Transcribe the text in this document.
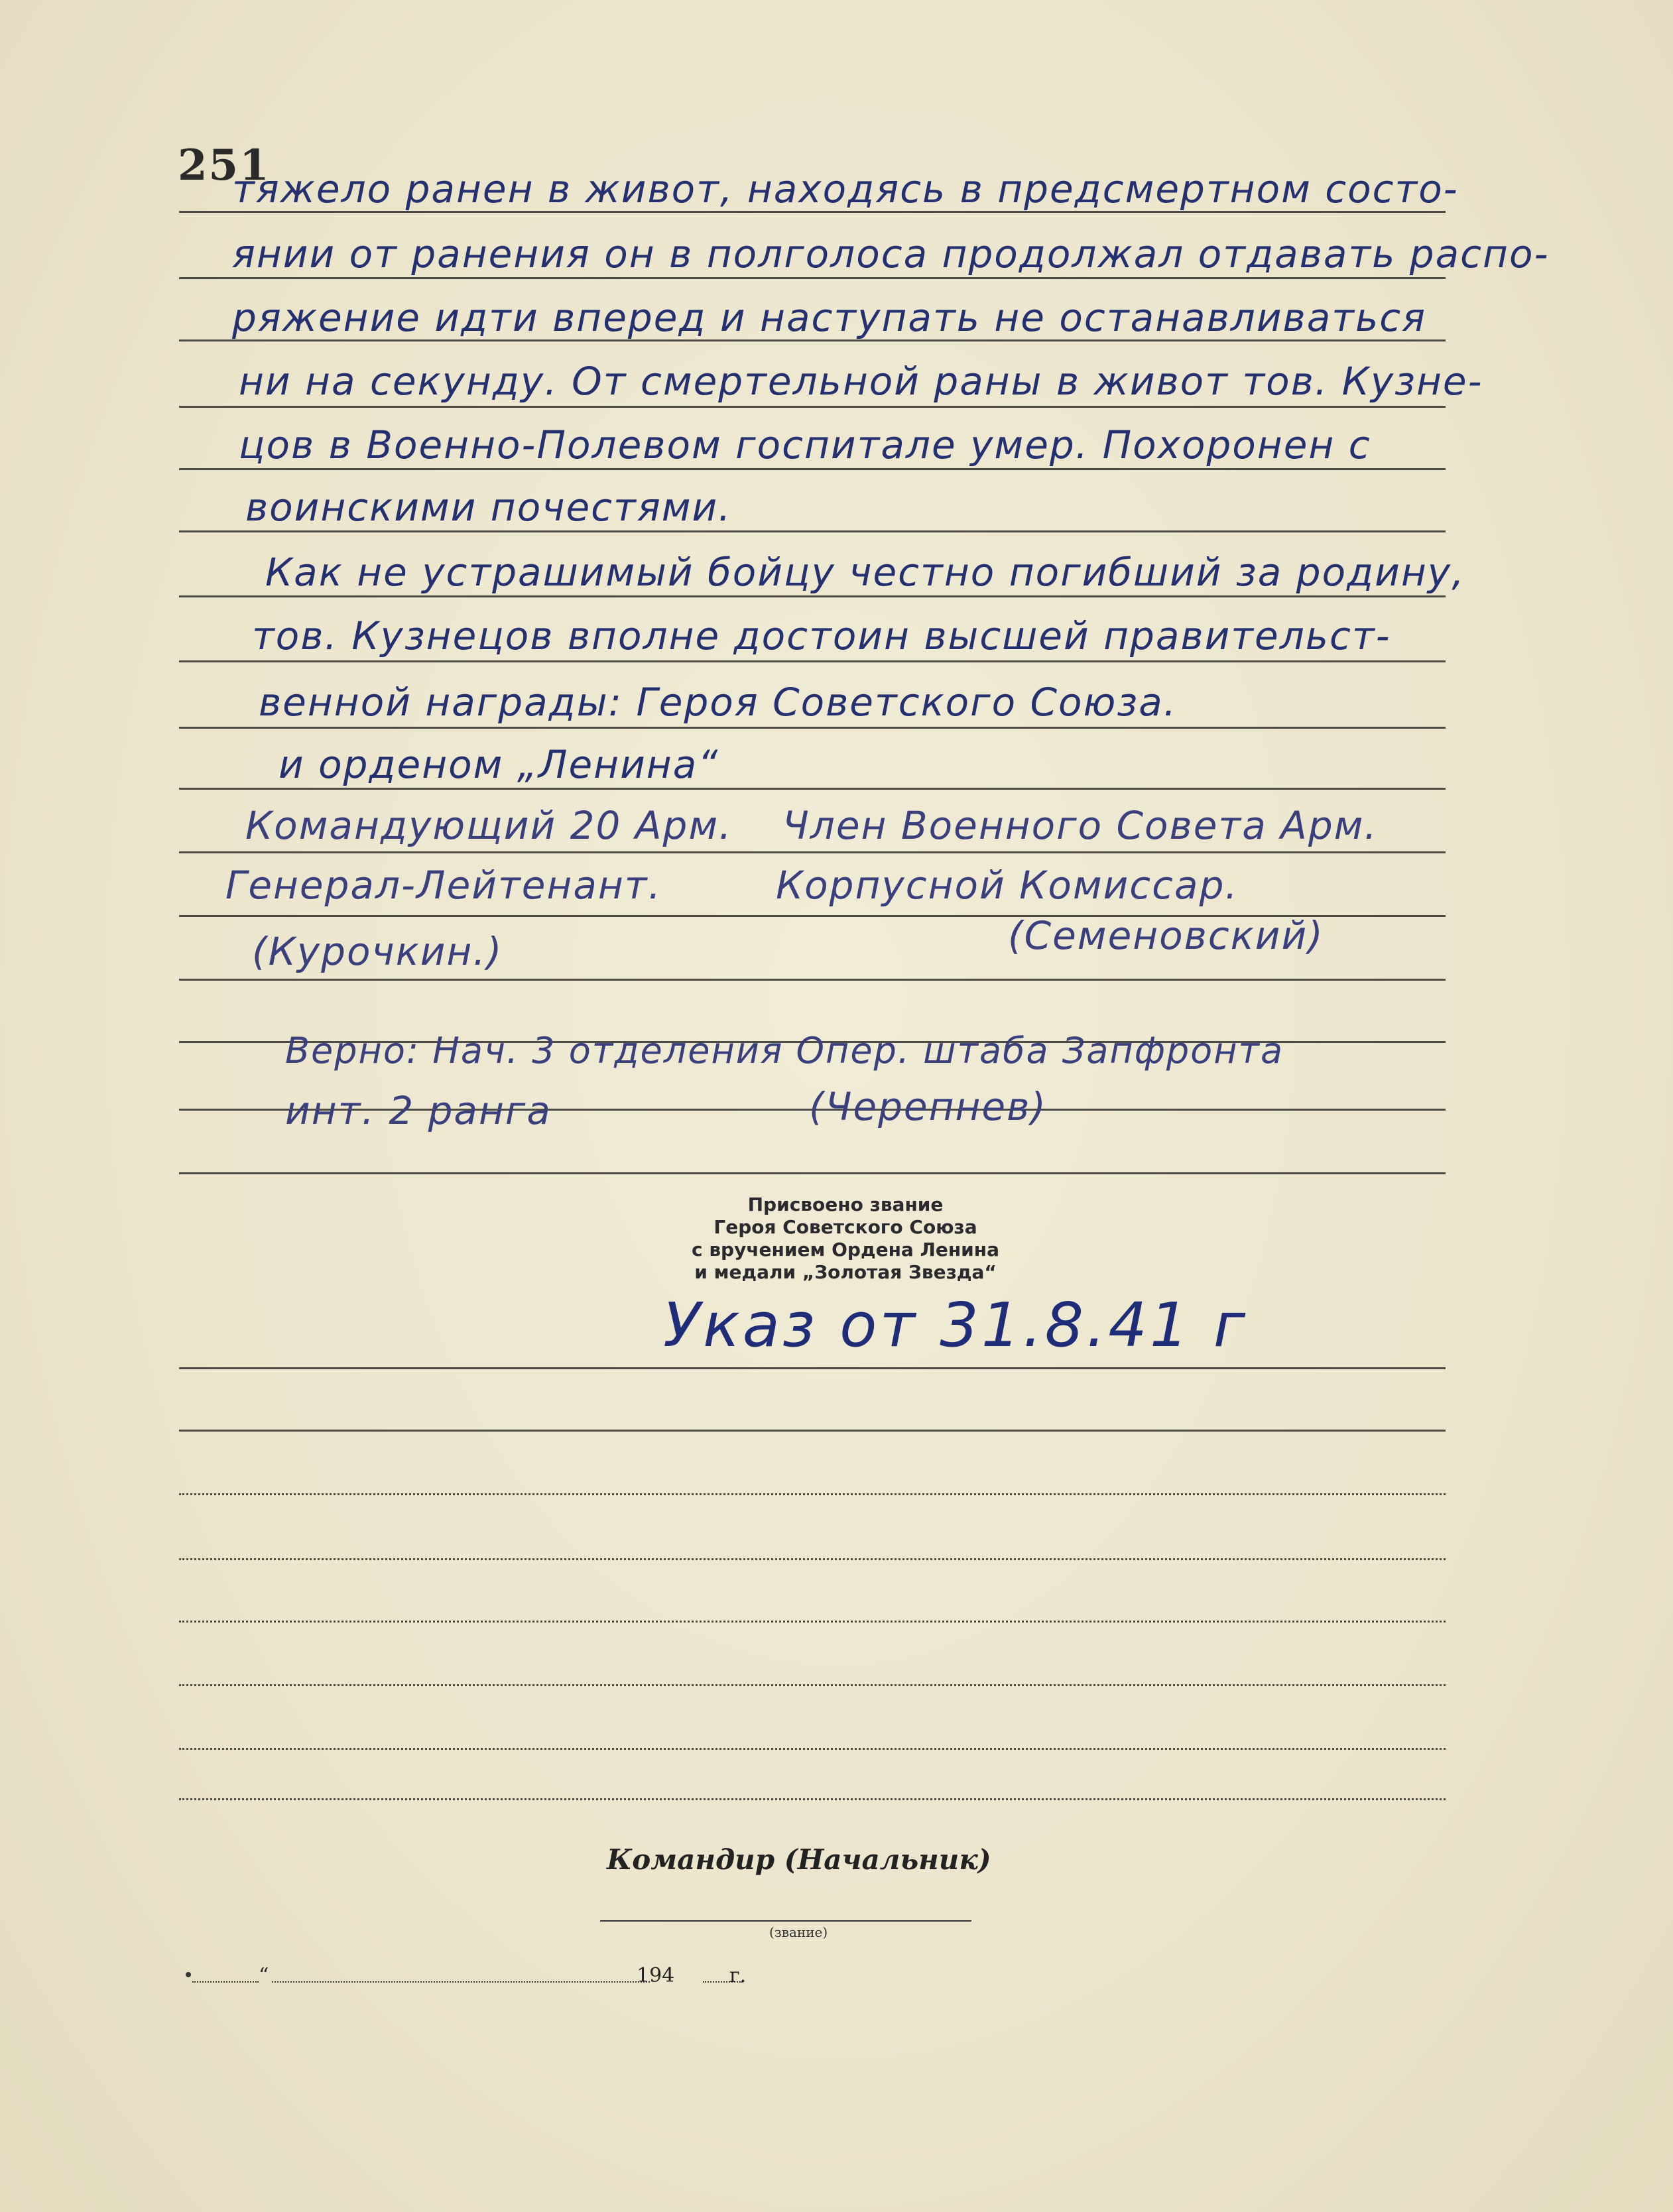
251
тяжело ранен в живот, находясь в предсмертном состо-
янии от ранения он в полголоса продолжал отдавать распо-
ряжение идти вперед и наступать не останавливаться
ни на секунду. От смертельной раны в живот тов. Кузне-
цов в Военно-Полевом госпитале умер. Похоронен с
воинскими почестями.
Как не устрашимый бойцу честно погибший за родину,
тов. Кузнецов вполне достоин высшей правительст-
венной награды: Героя Советского Союза.
и орденом „Ленина“
Командующий 20 Арм. Член Военного Совета Арм.
Генерал-Лейтенант.	Корпусной Комиссар.
(Курочкин.)	(Семеновский)
Верно: Нач. 3 отделения Опер. штаба Запфронта
инт. 2 ранга	(Черепнев)
Присвоено звание
Героя Советского Союза
с вручением Ордена Ленина
и медали „Золотая Звезда“
Указ от 31.8.41 г
Командир (Начальник)
(звание)
“	194	г.
